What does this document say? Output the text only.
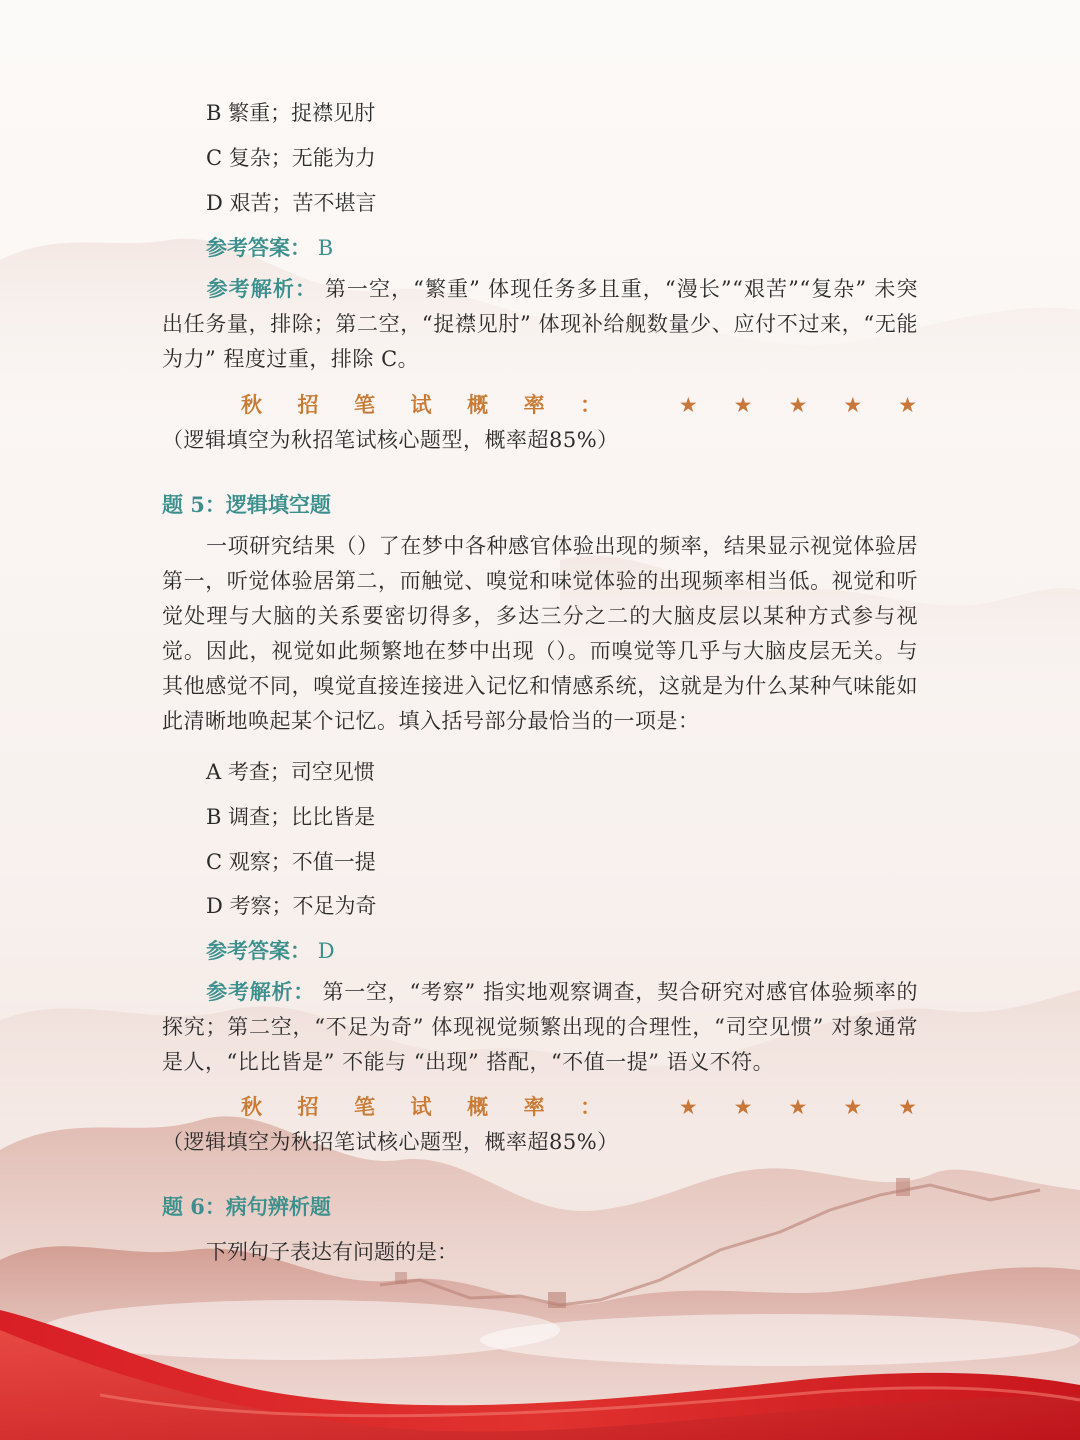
B 繁重；捉襟见肘
C 复杂；无能为力
D 艰苦；苦不堪言
参考答案： B
参考解析： 第一空，“繁重” 体现任务多且重，“漫长”“艰苦”“复杂” 未突出任务量，排除；第二空，“捉襟见肘” 体现补给舰数量少、应付不过来，“无能为力” 程度过重，排除 C。
秋招笔试概率： ★★★★★（逻辑填空为秋招笔试核心题型，概率超85%）
题 5：逻辑填空题
一项研究结果（）了在梦中各种感官体验出现的频率，结果显示视觉体验居第一，听觉体验居第二，而触觉、嗅觉和味觉体验的出现频率相当低。视觉和听觉处理与大脑的关系要密切得多，多达三分之二的大脑皮层以某种方式参与视觉。因此，视觉如此频繁地在梦中出现（）。而嗅觉等几乎与大脑皮层无关。与其他感觉不同，嗅觉直接连接进入记忆和情感系统，这就是为什么某种气味能如此清晰地唤起某个记忆。填入括号部分最恰当的一项是：
A 考查；司空见惯
B 调查；比比皆是
C 观察；不值一提
D 考察；不足为奇
参考答案： D
参考解析： 第一空，“考察” 指实地观察调查，契合研究对感官体验频率的探究；第二空，“不足为奇” 体现视觉频繁出现的合理性，“司空见惯” 对象通常是人，“比比皆是” 不能与 “出现” 搭配，“不值一提” 语义不符。
秋招笔试概率： ★★★★★（逻辑填空为秋招笔试核心题型，概率超85%）
题 6：病句辨析题
下列句子表达有问题的是：
